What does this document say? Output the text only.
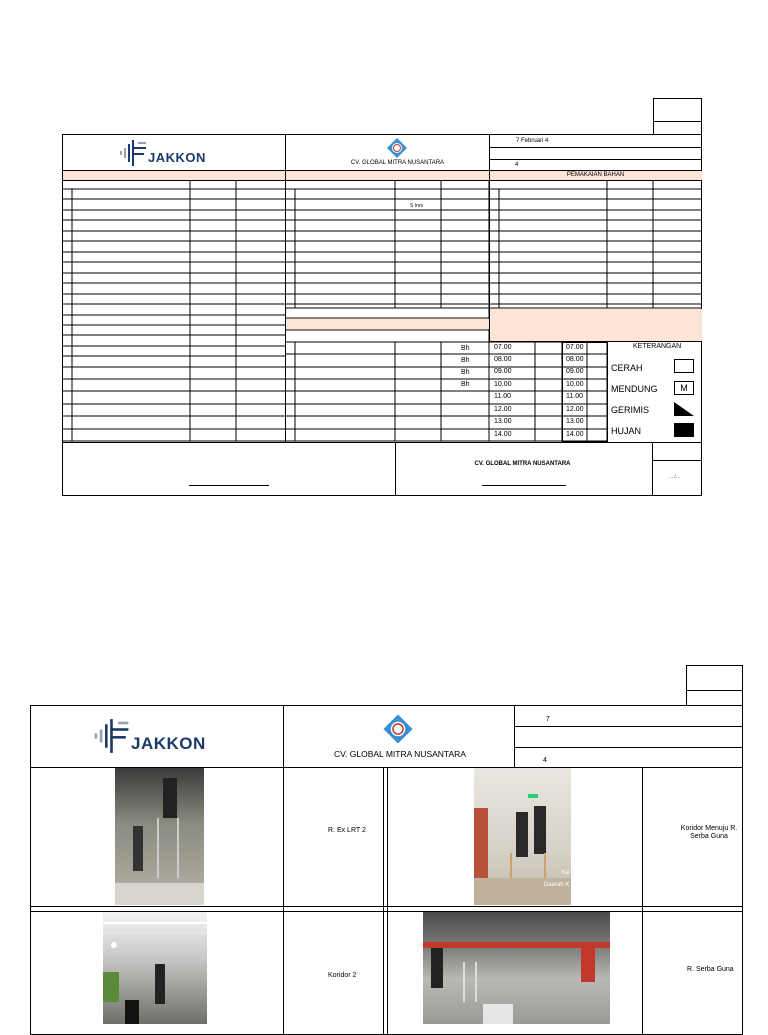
JAKKON	CV. GLOBAL MITRA NUSANTARA
7 Februari 4
4
PEMAKAIAN BAHAN
S Inrs
Bh
Bh
Bh
Bh
07.00
08.00
09.00
10.00
11.00
12.00
13.00
14.00
07.00
08.00
09.00
10.00
11.00
12.00
13.00
14.00
KETERANGAN
CERAH
MENDUNG	M
GERIMIS
HUJAN
CV. GLOBAL MITRA NUSANTARA
..../...
7
4
JAKKON
CV. GLOBAL MITRA NUSANTARA
R. Ex LRT 2
Ke
Daerah K
Koridor Menuju R. Serba Guna
Koridor 2
R. Serba Guna
